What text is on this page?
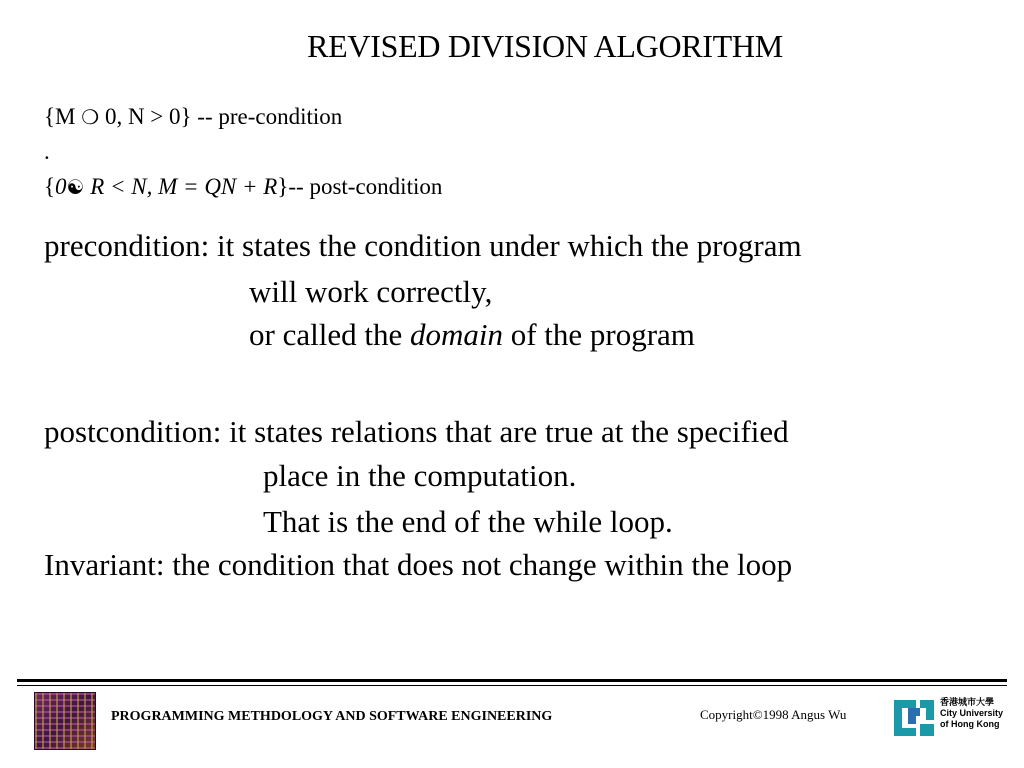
REVISED DIVISION ALGORITHM
{M ❍ 0, N > 0} -- pre-condition
.
{0☯ R < N, M = QN + R}-- post-condition
precondition: it states the condition under which the program
will work correctly,
or called the domain of the program
postcondition: it states relations that are true at the specified
place in the computation.
That is the end of the while loop.
Invariant: the condition that does not change within the loop
PROGRAMMING METHDOLOGY AND SOFTWARE ENGINEERING	Copyright©1998 Angus Wu
香港城市大學
City University
of Hong Kong
